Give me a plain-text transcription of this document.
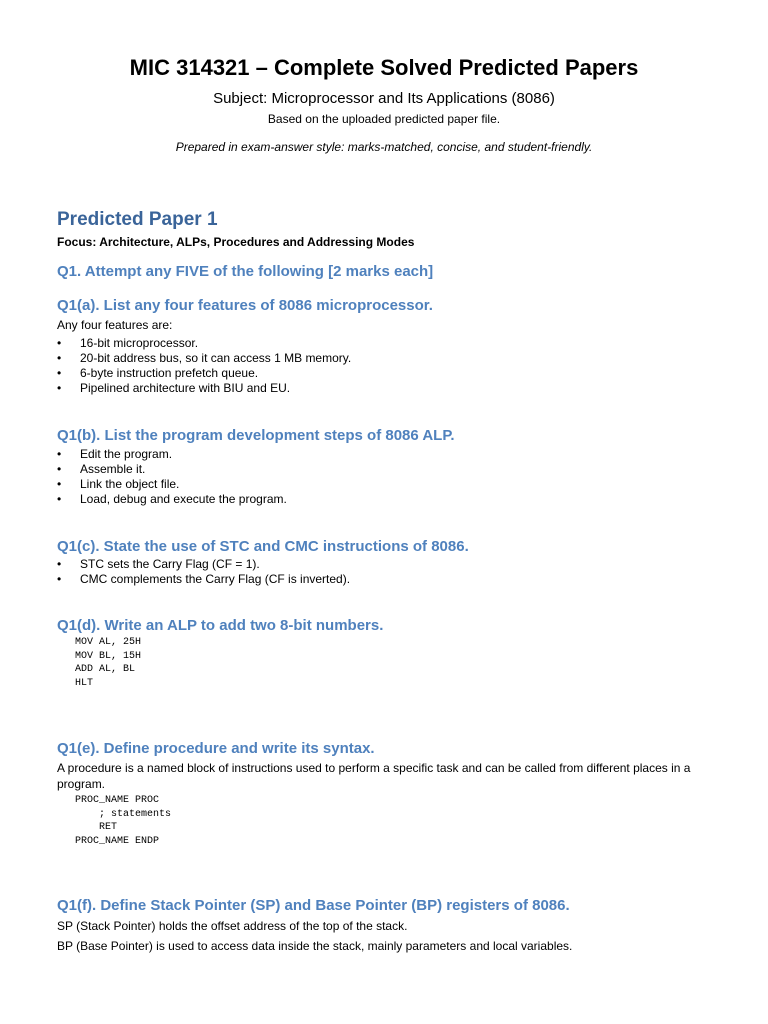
MIC 314321 – Complete Solved Predicted Papers
Subject: Microprocessor and Its Applications (8086)
Based on the uploaded predicted paper file.
Prepared in exam-answer style: marks-matched, concise, and student-friendly.
Predicted Paper 1
Focus: Architecture, ALPs, Procedures and Addressing Modes
Q1. Attempt any FIVE of the following [2 marks each]
Q1(a). List any four features of 8086 microprocessor.
Any four features are:
• 16-bit microprocessor.
• 20-bit address bus, so it can access 1 MB memory.
• 6-byte instruction prefetch queue.
• Pipelined architecture with BIU and EU.
Q1(b). List the program development steps of 8086 ALP.
• Edit the program.
• Assemble it.
• Link the object file.
• Load, debug and execute the program.
Q1(c). State the use of STC and CMC instructions of 8086.
• STC sets the Carry Flag (CF = 1).
• CMC complements the Carry Flag (CF is inverted).
Q1(d). Write an ALP to add two 8-bit numbers.
MOV AL, 25H
MOV BL, 15H
ADD AL, BL
HLT
Q1(e). Define procedure and write its syntax.
A procedure is a named block of instructions used to perform a specific task and can be called from different places in a program.
PROC_NAME PROC
; statements
RET
PROC_NAME ENDP
Q1(f). Define Stack Pointer (SP) and Base Pointer (BP) registers of 8086.
SP (Stack Pointer) holds the offset address of the top of the stack.
BP (Base Pointer) is used to access data inside the stack, mainly parameters and local variables.
